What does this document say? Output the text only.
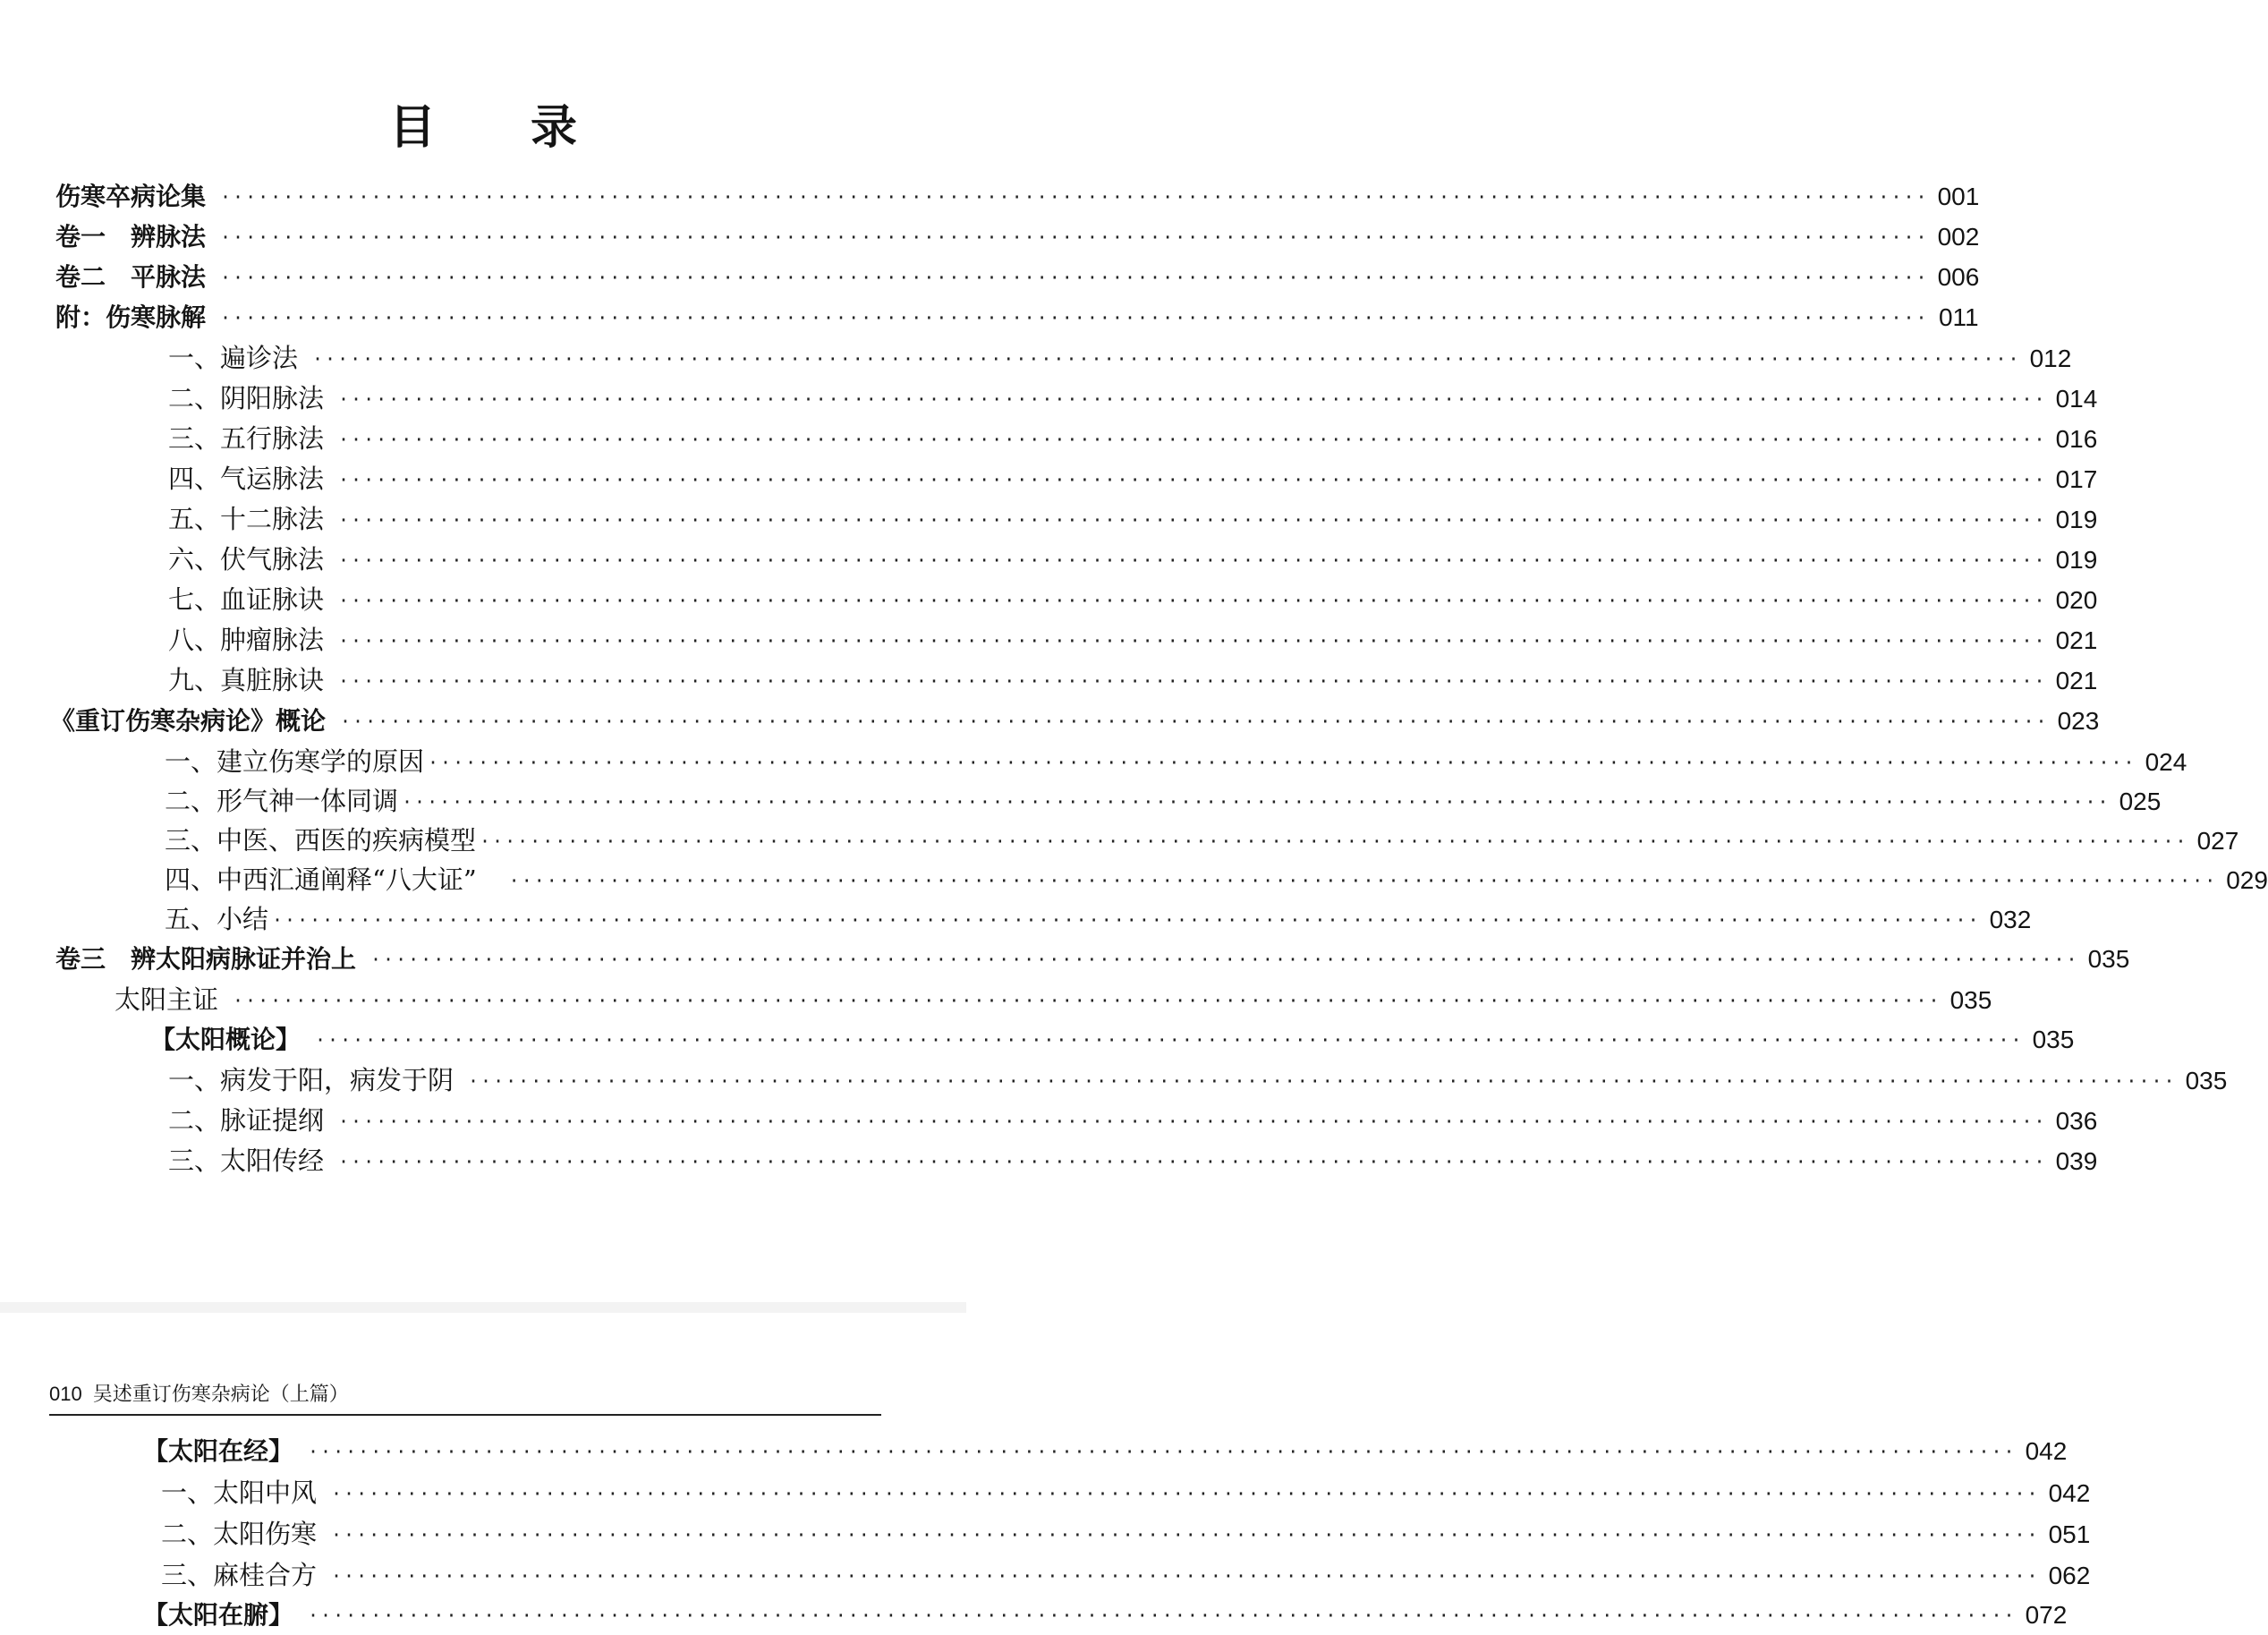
目 录
伤寒卒病论集 ·····	001
卷一　辨脉法 ·····	002
卷二　平脉法 ·····	006
附：伤寒脉解 ·····	011
一、遍诊法 ·····	012
二、阴阳脉法 ·····	014
三、五行脉法 ·····	016
四、气运脉法 ·····	017
五、十二脉法 ·····	019
六、伏气脉法 ·····	019
七、血证脉诀 ·····	020
八、肿瘤脉法 ·····	021
九、真脏脉诀 ·····	021
《重订伤寒杂病论》概论 ·····	023
一、建立伤寒学的原因 ·····	024
二、形气神一体同调 ·····	025
三、中医、西医的疾病模型 ·····	027
四、中西汇通阐释“八大证” ·····	029
五、小结 ·····	032
卷三　辨太阳病脉证并治上 ·····	035
太阳主证 ·····	035
【太阳概论】 ·····	035
一、病发于阳，病发于阴 ·····	035
二、脉证提纲 ·····	036
三、太阳传经 ·····	039
010 吴述重订伤寒杂病论（上篇）
【太阳在经】 ·····	042
一、太阳中风 ·····	042
二、太阳伤寒 ·····	051
三、麻桂合方 ·····	062
【太阳在腑】 ·····	072
